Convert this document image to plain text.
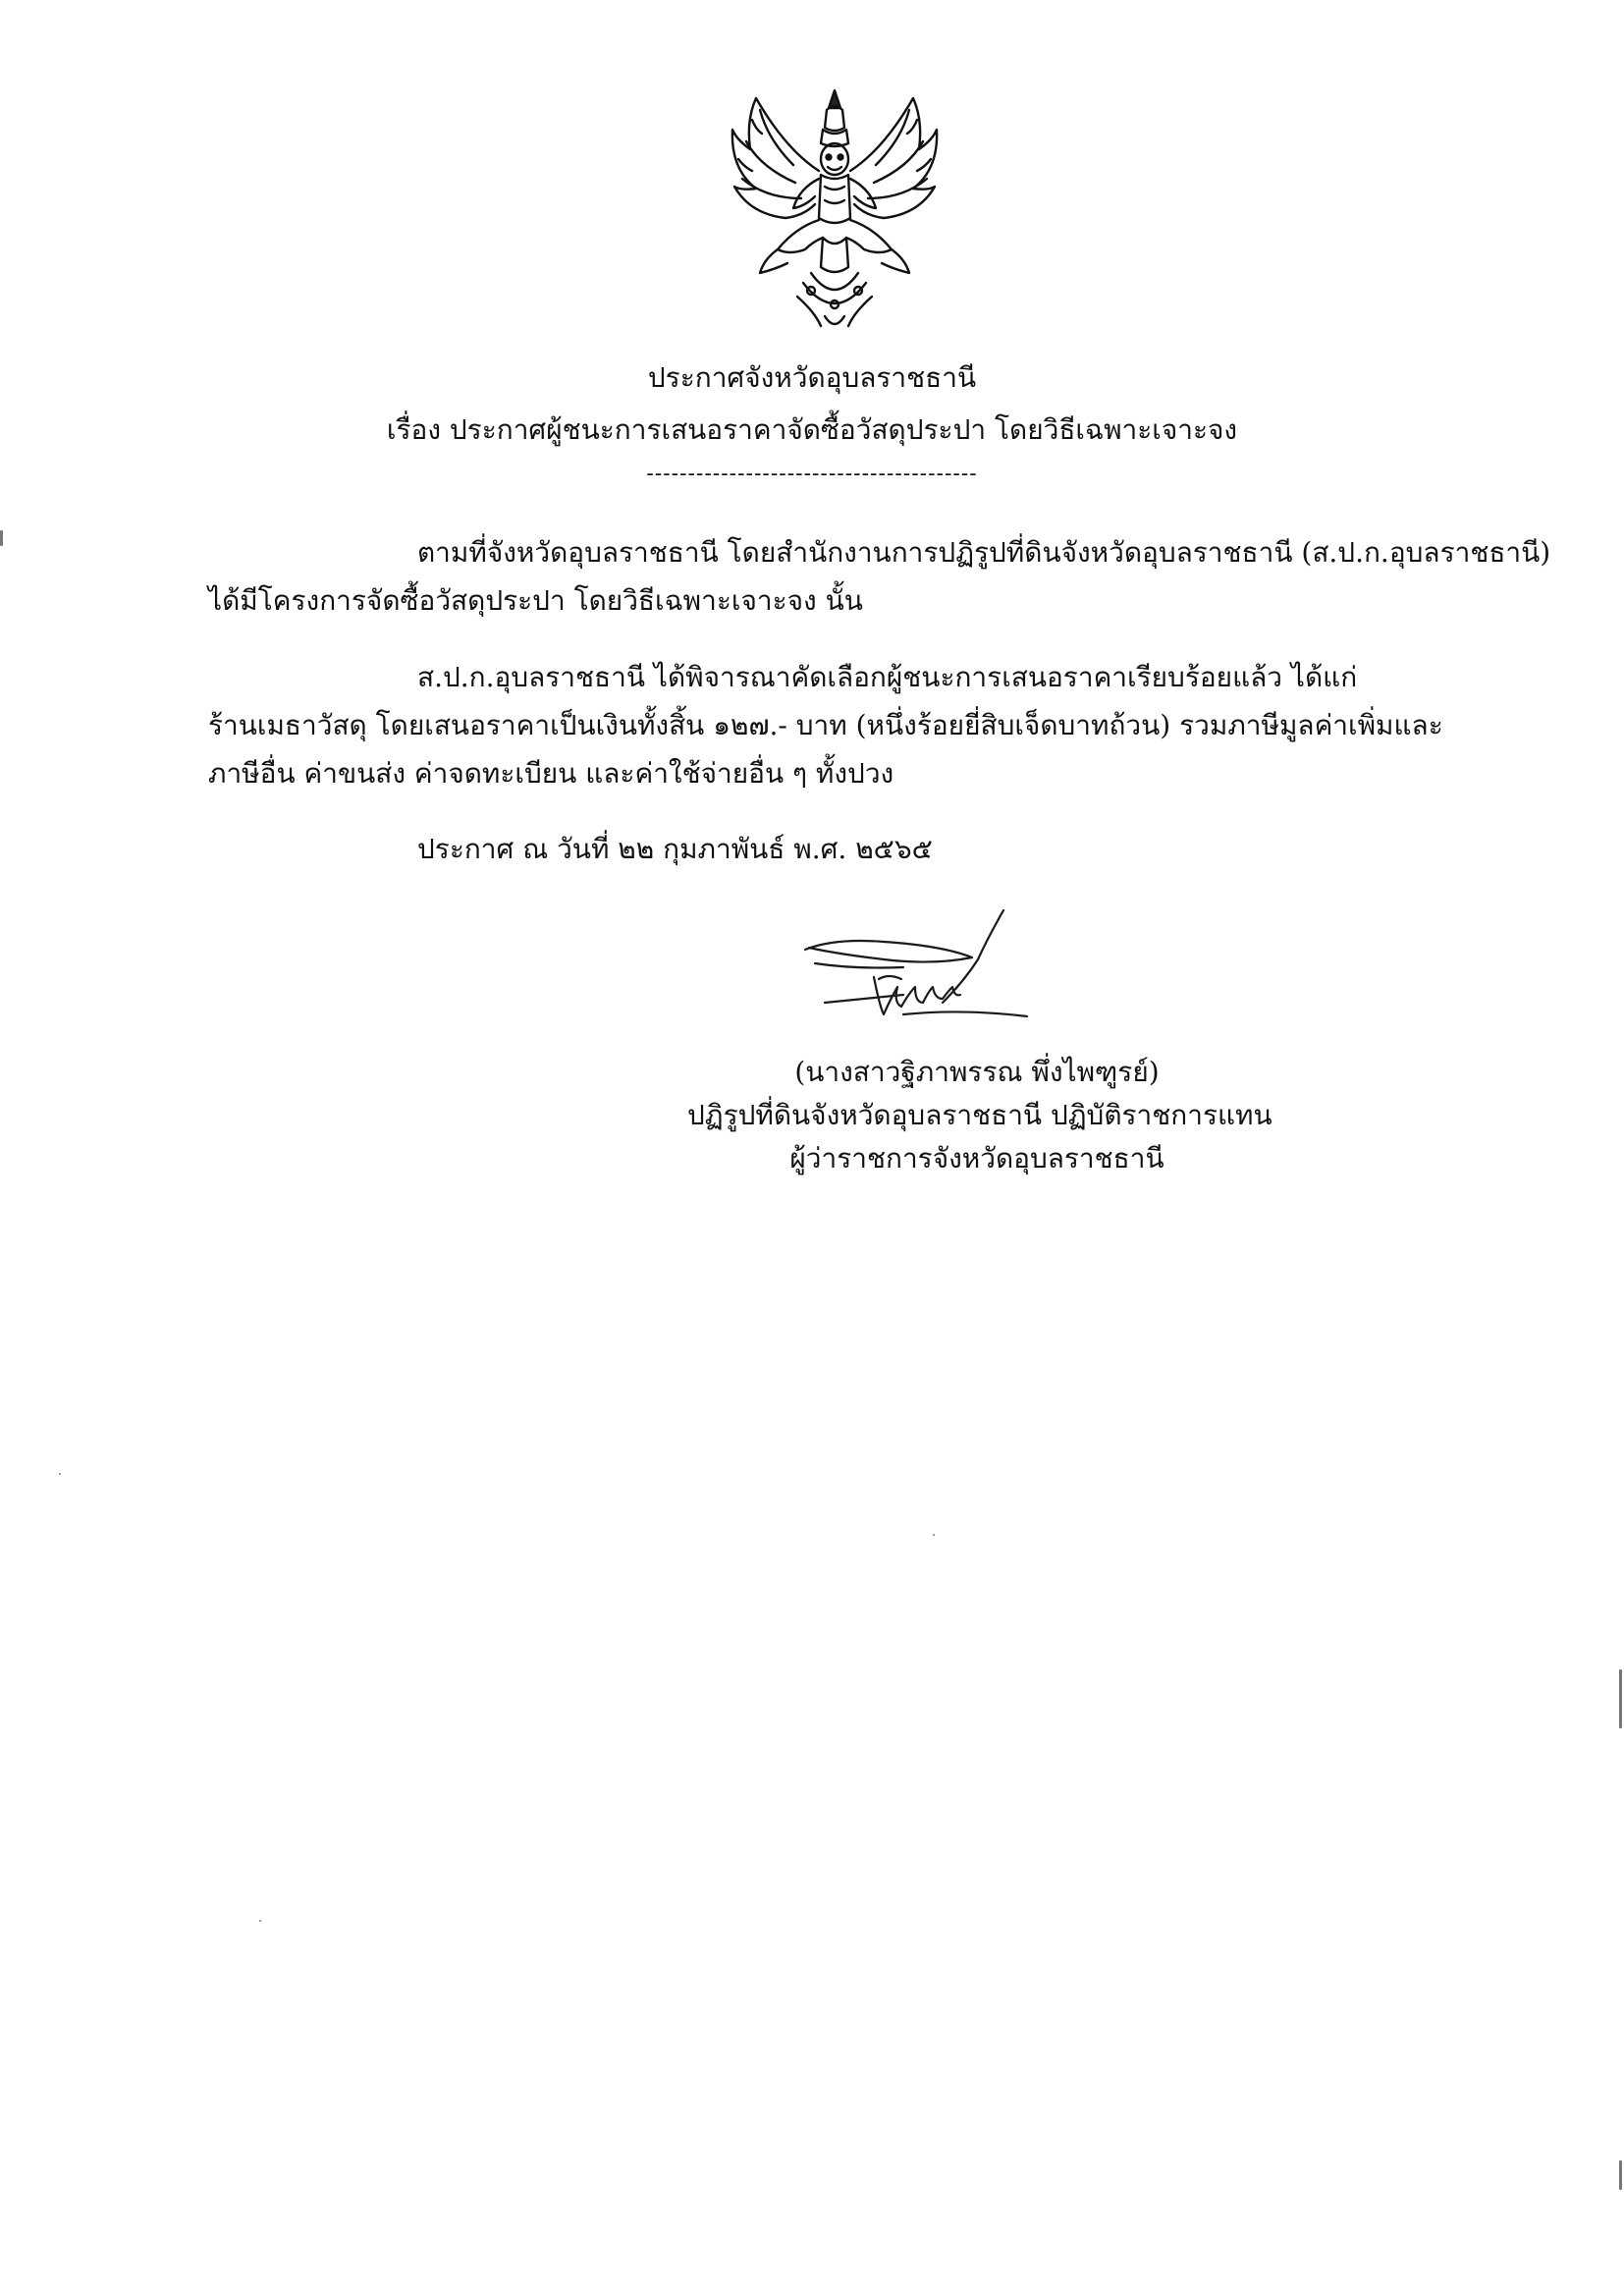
ประกาศจังหวัดอุบลราชธานี
เรื่อง ประกาศผู้ชนะการเสนอราคาจัดซื้อวัสดุประปา โดยวิธีเฉพาะเจาะจง
----------------------------------------
ตามที่จังหวัดอุบลราชธานี โดยสำนักงานการปฏิรูปที่ดินจังหวัดอุบลราชธานี (ส.ป.ก.อุบลราชธานี)
ได้มีโครงการจัดซื้อวัสดุประปา โดยวิธีเฉพาะเจาะจง นั้น
ส.ป.ก.อุบลราชธานี ได้พิจารณาคัดเลือกผู้ชนะการเสนอราคาเรียบร้อยแล้ว ได้แก่
ร้านเมธาวัสดุ โดยเสนอราคาเป็นเงินทั้งสิ้น ๑๒๗.- บาท (หนึ่งร้อยยี่สิบเจ็ดบาทถ้วน) รวมภาษีมูลค่าเพิ่มและ
ภาษีอื่น ค่าขนส่ง ค่าจดทะเบียน และค่าใช้จ่ายอื่น ๆ ทั้งปวง
ประกาศ ณ วันที่ ๒๒ กุมภาพันธ์ พ.ศ. ๒๕๖๕
(นางสาวฐิภาพรรณ พึ่งไพฑูรย์)
ปฏิรูปที่ดินจังหวัดอุบลราชธานี ปฏิบัติราชการแทน
ผู้ว่าราชการจังหวัดอุบลราชธานี
